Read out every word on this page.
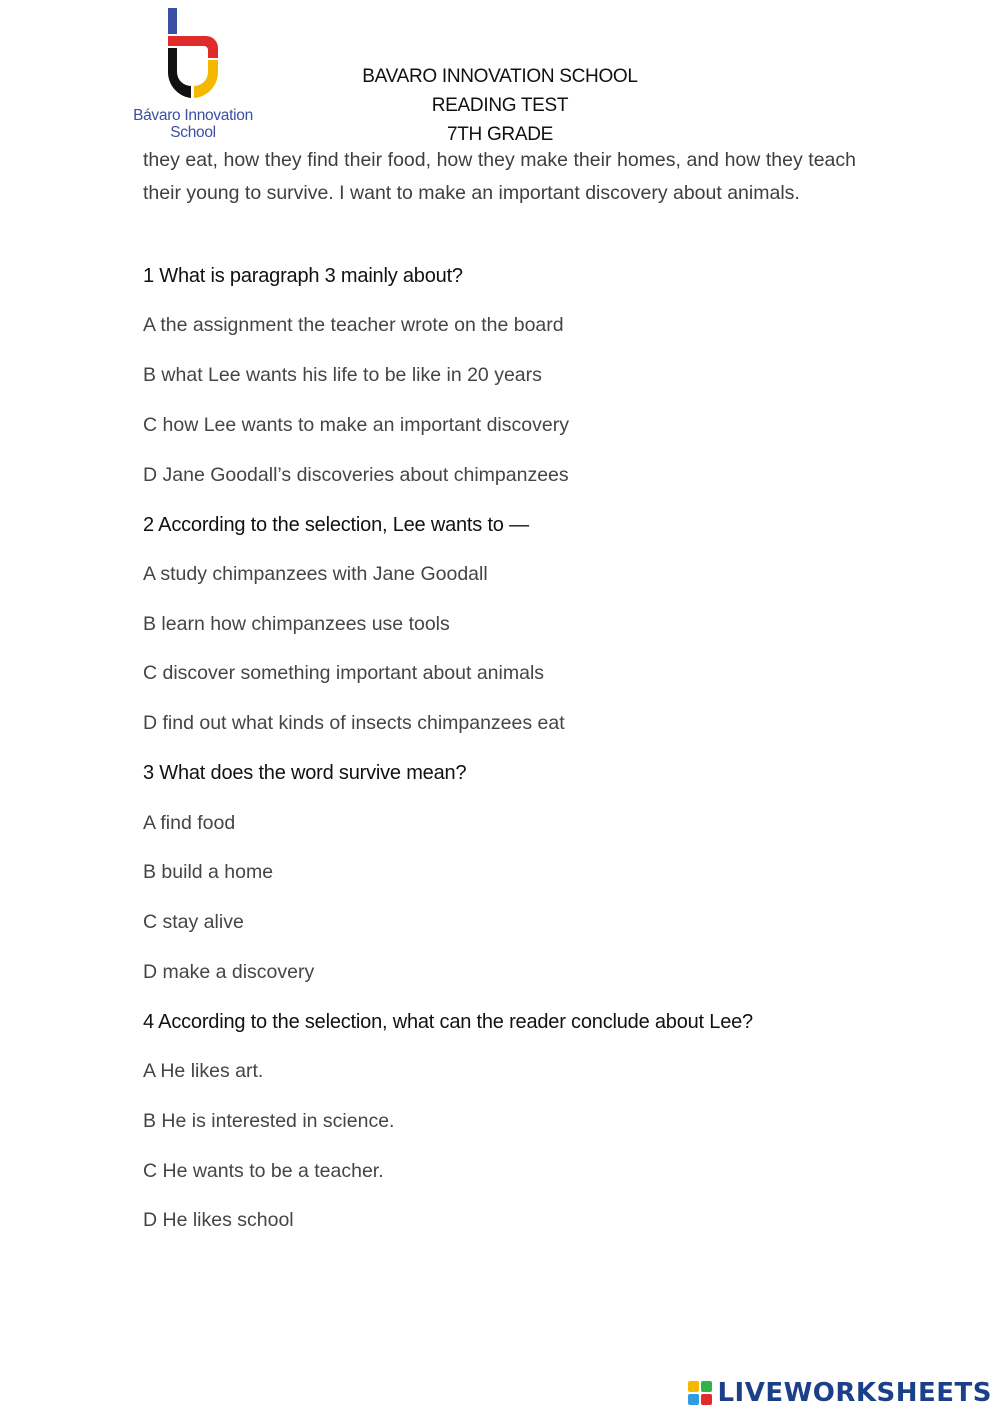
Bávaro Innovation
School
BAVARO INNOVATION SCHOOL
READING TEST
7TH GRADE
they eat, how they find their food, how they make their homes, and how they teach their young to survive. I want to make an important discovery about animals.
1 What is paragraph 3 mainly about?
A the assignment the teacher wrote on the board
B what Lee wants his life to be like in 20 years
C how Lee wants to make an important discovery
D Jane Goodall’s discoveries about chimpanzees
2 According to the selection, Lee wants to —
A study chimpanzees with Jane Goodall
B learn how chimpanzees use tools
C discover something important about animals
D find out what kinds of insects chimpanzees eat
3 What does the word survive mean?
A find food
B build a home
C stay alive
D make a discovery
4 According to the selection, what can the reader conclude about Lee?
A He likes art.
B He is interested in science.
C He wants to be a teacher.
D He likes school
LIVEWORKSHEETS
